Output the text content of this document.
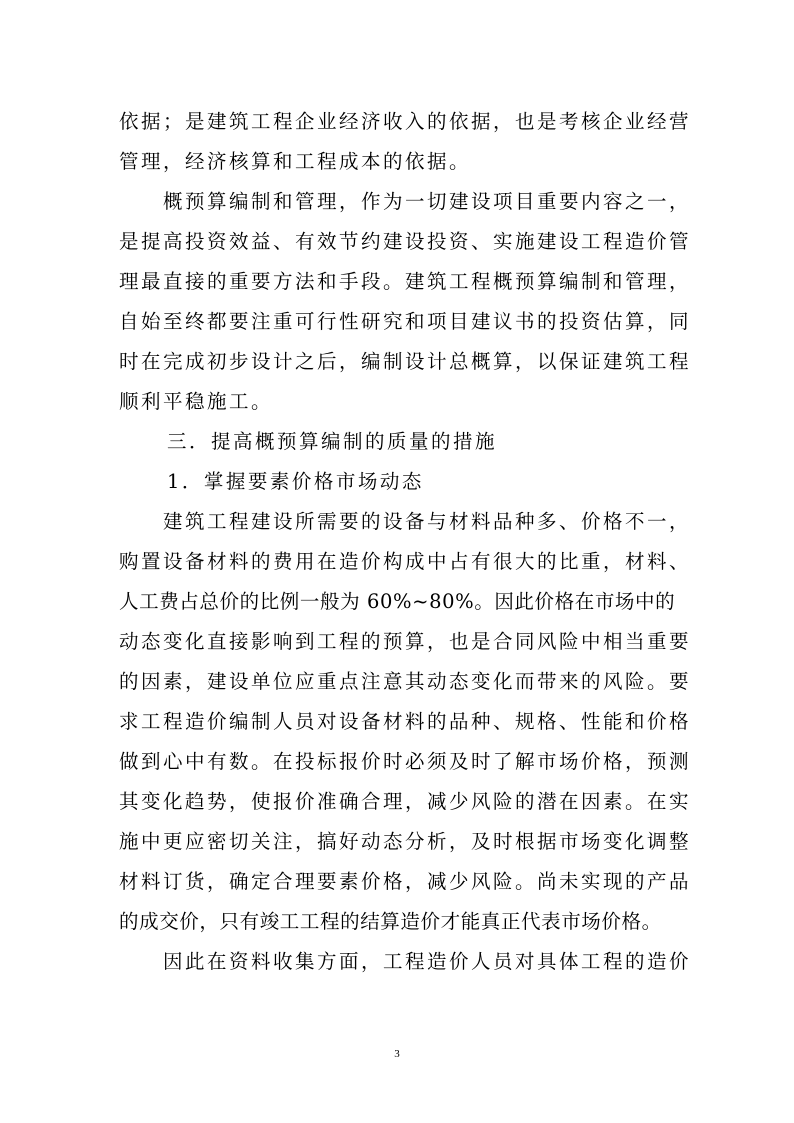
依据；是建筑工程企业经济收入的依据，也是考核企业经营

管理，经济核算和工程成本的依据。

概预算编制和管理，作为一切建设项目重要内容之一，

是提高投资效益、有效节约建设投资、实施建设工程造价管

理最直接的重要方法和手段。建筑工程概预算编制和管理，

自始至终都要注重可行性研究和项目建议书的投资估算，同

时在完成初步设计之后，编制设计总概算，以保证建筑工程

顺利平稳施工。

三．提高概预算编制的质量的措施

1．掌握要素价格市场动态

建筑工程建设所需要的设备与材料品种多、价格不一，

购置设备材料的费用在造价构成中占有很大的比重，材料、

人工费占总价的比例一般为 60%~80%。因此价格在市场中的

动态变化直接影响到工程的预算，也是合同风险中相当重要

的因素，建设单位应重点注意其动态变化而带来的风险。要

求工程造价编制人员对设备材料的品种、规格、性能和价格

做到心中有数。在投标报价时必须及时了解市场价格，预测

其变化趋势，使报价准确合理，减少风险的潜在因素。在实

施中更应密切关注，搞好动态分析，及时根据市场变化调整

材料订货，确定合理要素价格，减少风险。尚未实现的产品

的成交价，只有竣工工程的结算造价才能真正代表市场价格。

因此在资料收集方面，工程造价人员对具体工程的造价

3
